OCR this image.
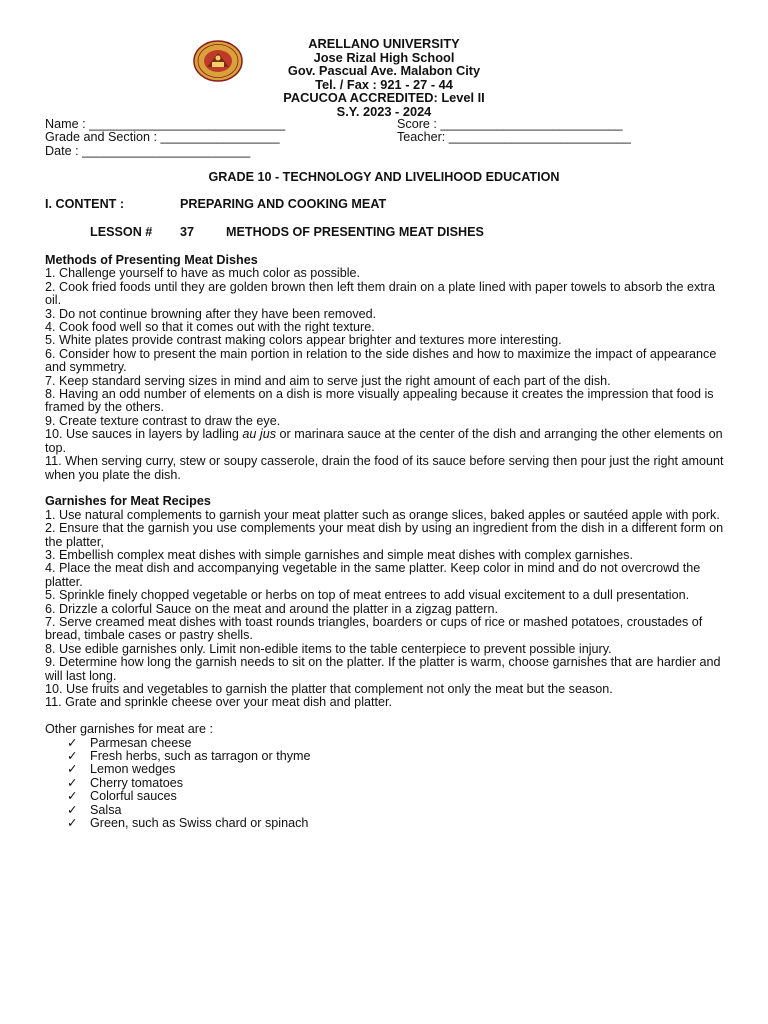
ARELLANO UNIVERSITY
Jose Rizal High School
Gov. Pascual Ave. Malabon City
Tel. / Fax : 921 - 27 - 44
PACUCOA ACCREDITED: Level II
S.Y. 2023 - 2024
Name : ____________________________	Score : __________________________
Grade and Section : _________________	Teacher: __________________________
Date : ________________________
GRADE 10 - TECHNOLOGY AND LIVELIHOOD EDUCATION
I. CONTENT :	PREPARING AND COOKING MEAT
LESSON # 37	METHODS OF PRESENTING MEAT DISHES

Methods of Presenting Meat Dishes

1. Challenge yourself to have as much color as possible.

2. Cook fried foods until they are golden brown then left them drain on a plate lined with paper towels to absorb the extra oil.

3. Do not continue browning after they have been removed.

4. Cook food well so that it comes out with the right texture.

5. White plates provide contrast making colors appear brighter and textures more interesting.

6. Consider how to present the main portion in relation to the side dishes and how to maximize the impact of appearance and symmetry.

7. Keep standard serving sizes in mind and aim to serve just the right amount of each part of the dish.

8. Having an odd number of elements on a dish is more visually appealing because it creates the impression that food is framed by the others.

9. Create texture contrast to draw the eye.

10. Use sauces in layers by ladling au jus or marinara sauce at the center of the dish and arranging the other elements on top.

11. When serving curry, stew or soupy casserole, drain the food of its sauce before serving then pour just the right amount when you plate the dish.

Garnishes for Meat Recipes

1. Use natural complements to garnish your meat platter such as orange slices, baked apples or sautéed apple with pork.

2. Ensure that the garnish you use complements your meat dish by using an ingredient from the dish in a different form on the platter,

3. Embellish complex meat dishes with simple garnishes and simple meat dishes with complex garnishes.

4. Place the meat dish and accompanying vegetable in the same platter. Keep color in mind and do not overcrowd the platter.

5. Sprinkle finely chopped vegetable or herbs on top of meat entrees to add visual excitement to a dull presentation.

6. Drizzle a colorful Sauce on the meat and around the platter in a zigzag pattern.

7. Serve creamed meat dishes with toast rounds triangles, boarders or cups of rice or mashed potatoes, croustades of bread, timbale cases or pastry shells.

8. Use edible garnishes only. Limit non-edible items to the table centerpiece to prevent possible injury.

9. Determine how long the garnish needs to sit on the platter. If the platter is warm, choose garnishes that are hardier and will last long.

10. Use fruits and vegetables to garnish the platter that complement not only the meat but the season.

11. Grate and sprinkle cheese over your meat dish and platter.

Other garnishes for meat are :

✓ Parmesan cheese
✓ Fresh herbs, such as tarragon or thyme
✓ Lemon wedges
✓ Cherry tomatoes
✓ Colorful sauces
✓ Salsa
✓ Green, such as Swiss chard or spinach
